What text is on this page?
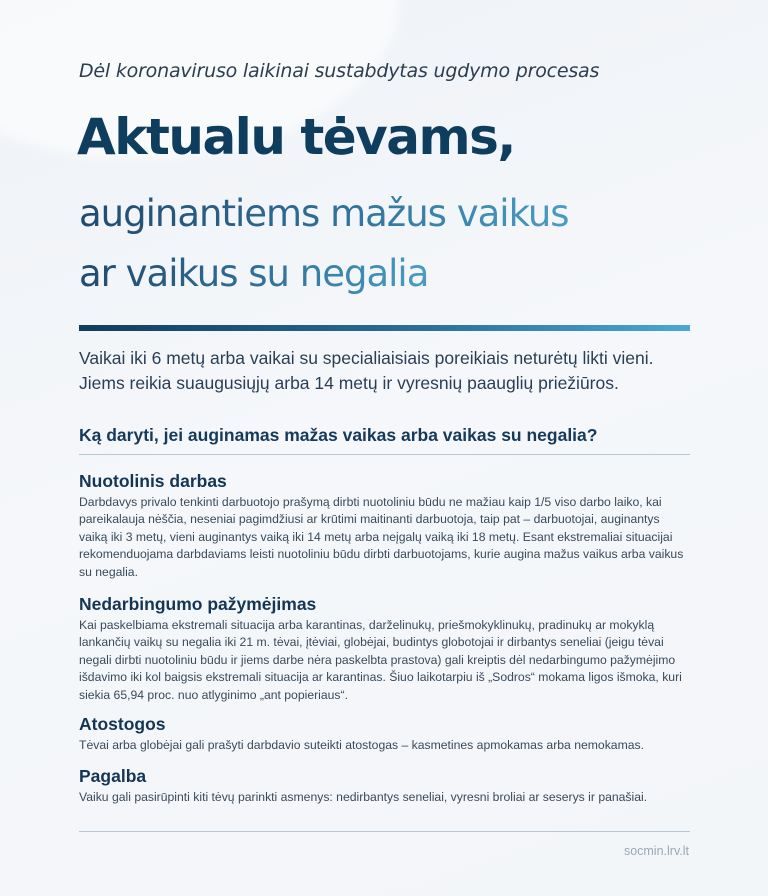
Dėl koronaviruso laikinai sustabdytas ugdymo procesas
Aktualu tėvams,
auginantiems mažus vaikus
ar vaikus su negalia
Vaikai iki 6 metų arba vaikai su specialiaisiais poreikiais neturėtų likti vieni. Jiems reikia suaugusiųjų arba 14 metų ir vyresnių paauglių priežiūros.
Ką daryti, jei auginamas mažas vaikas arba vaikas su negalia?
Nuotolinis darbas

Darbdavys privalo tenkinti darbuotojo prašymą dirbti nuotoliniu būdu ne mažiau kaip 1/5 viso darbo laiko, kai pareikalauja nėščia, neseniai pagimdžiusi ar krūtimi maitinanti darbuotoja, taip pat – darbuotojai, auginantys vaiką iki 3 metų, vieni auginantys vaiką iki 14 metų arba neįgalų vaiką iki 18 metų. Esant ekstremaliai situacijai rekomenduojama darbdaviams leisti nuotoliniu būdu dirbti darbuotojams, kurie augina mažus vaikus arba vaikus su negalia.

Nedarbingumo pažymėjimas

Kai paskelbiama ekstremali situacija arba karantinas, darželinukų, priešmokyklinukų, pradinukų ar mokyklą lankančių vaikų su negalia iki 21 m. tėvai, įtėviai, globėjai, budintys globotojai ir dirbantys seneliai (jeigu tėvai negali dirbti nuotoliniu būdu ir jiems darbe nėra paskelbta prastova) gali kreiptis dėl nedarbingumo pažymėjimo išdavimo iki kol baigsis ekstremali situacija ar karantinas. Šiuo laikotarpiu iš „Sodros“ mokama ligos išmoka, kuri siekia 65,94 proc. nuo atlyginimo „ant popieriaus“.

Atostogos

Tėvai arba globėjai gali prašyti darbdavio suteikti atostogas – kasmetines apmokamas arba nemokamas.

Pagalba

Vaiku gali pasirūpinti kiti tėvų parinkti asmenys: nedirbantys seneliai, vyresni broliai ar seserys ir panašiai.

socmin.lrv.lt
